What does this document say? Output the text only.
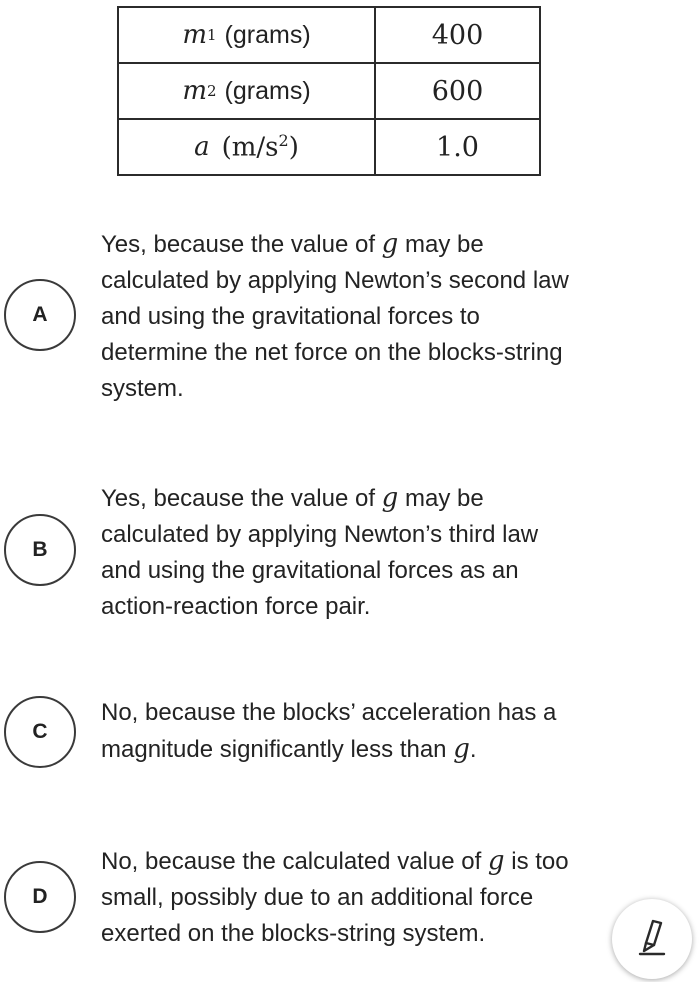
m 1 (grams)	400
m 2 (grams)	600
a $(m/s^2)$	1.0
A
Yes, because the value of g may be
calculated by applying Newton’s second law
and using the gravitational forces to
determine the net force on the blocks-string
system.
B
Yes, because the value of g may be
calculated by applying Newton’s third law
and using the gravitational forces as an
action-reaction force pair.
C
No, because the blocks’ acceleration has a
magnitude significantly less than g.
D
No, because the calculated value of g is too
small, possibly due to an additional force
exerted on the blocks-string system.
